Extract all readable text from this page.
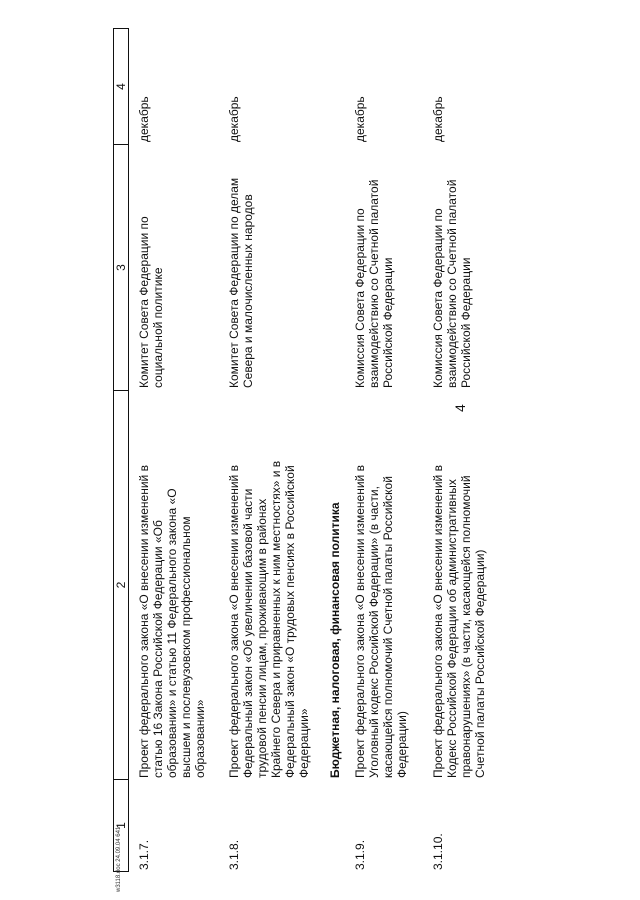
4
1
2
3
4
3.1.7.
Проект федерального закона «О внесении изменений в статью 16 Закона Российской Федерации «Об образовании» и статью 11 Федерального закона «О высшем и послевузовском профессиональном образовании»
Комитет Совета Федерации по социальной политике
декабрь
3.1.8.
Проект федерального закона «О внесении изменений в Федеральный закон «Об увеличении базовой части трудовой пенсии лицам, проживающим в районах Крайнего Севера и приравненных к ним местностях» и в Федеральный закон «О трудовых пенсиях в Российской Федерации»
Комитет Совета Федерации по делам Севера и малочисленных народов
декабрь
Бюджетная, налоговая, финансовая политика
3.1.9.
Проект федерального закона «О внесении изменений в Уголовный кодекс Российской Федерации» (в части, касающейся полномочий Счетной палаты Российской Федерации)
Комиссия Совета Федерации по взаимодействию со Счетной палатой Российской Федерации
декабрь
3.1.10.
Проект федерального закона «О внесении изменений в Кодекс Российской Федерации об административных правонарушениях» (в части, касающейся полномочий Счетной палаты Российской Федерации)
Комиссия Совета Федерации по взаимодействию со Счетной палатой Российской Федерации
декабрь
w3118.doc 24.09.04 641
